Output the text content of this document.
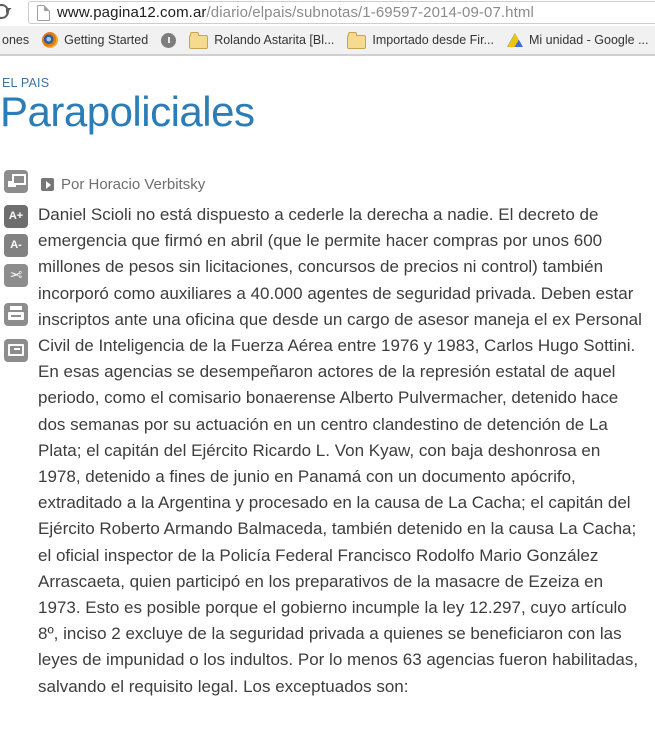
www.pagina12.com.ar/diario/elpais/subnotas/1-69597-2014-09-07.html
ones	Getting Started	Rolando Astarita [Bl...	Importado desde Fir...	Mi unidad - Google ...
EL PAIS
Parapoliciales
A+
A-
✂
Por Horacio Verbitsky

Daniel Scioli no está dispuesto a cederle la derecha a nadie. El decreto de emergencia que firmó en abril (que le permite hacer compras por unos 600 millones de pesos sin licitaciones, concursos de precios ni control) también incorporó como auxiliares a 40.000 agentes de seguridad privada. Deben estar inscriptos ante una oficina que desde un cargo de asesor maneja el ex Personal Civil de Inteligencia de la Fuerza Aérea entre 1976 y 1983, Carlos Hugo Sottini. En esas agencias se desempeñaron actores de la represión estatal de aquel periodo, como el comisario bonaerense Alberto Pulvermacher, detenido hace dos semanas por su actuación en un centro clandestino de detención de La Plata; el capitán del Ejército Ricardo L. Von Kyaw, con baja deshonrosa en 1978, detenido a fines de junio en Panamá con un documento apócrifo, extraditado a la Argentina y procesado en la causa de La Cacha; el capitán del Ejército Roberto Armando Balmaceda, también detenido en la causa La Cacha; el oficial inspector de la Policía Federal Francisco Rodolfo Mario González Arrascaeta, quien participó en los preparativos de la masacre de Ezeiza en 1973. Esto es posible porque el gobierno incumple la ley 12.297, cuyo artículo 8º, inciso 2 excluye de la seguridad privada a quienes se beneficiaron con las leyes de impunidad o los indultos. Por lo menos 63 agencias fueron habilitadas, salvando el requisito legal. Los exceptuados son:
